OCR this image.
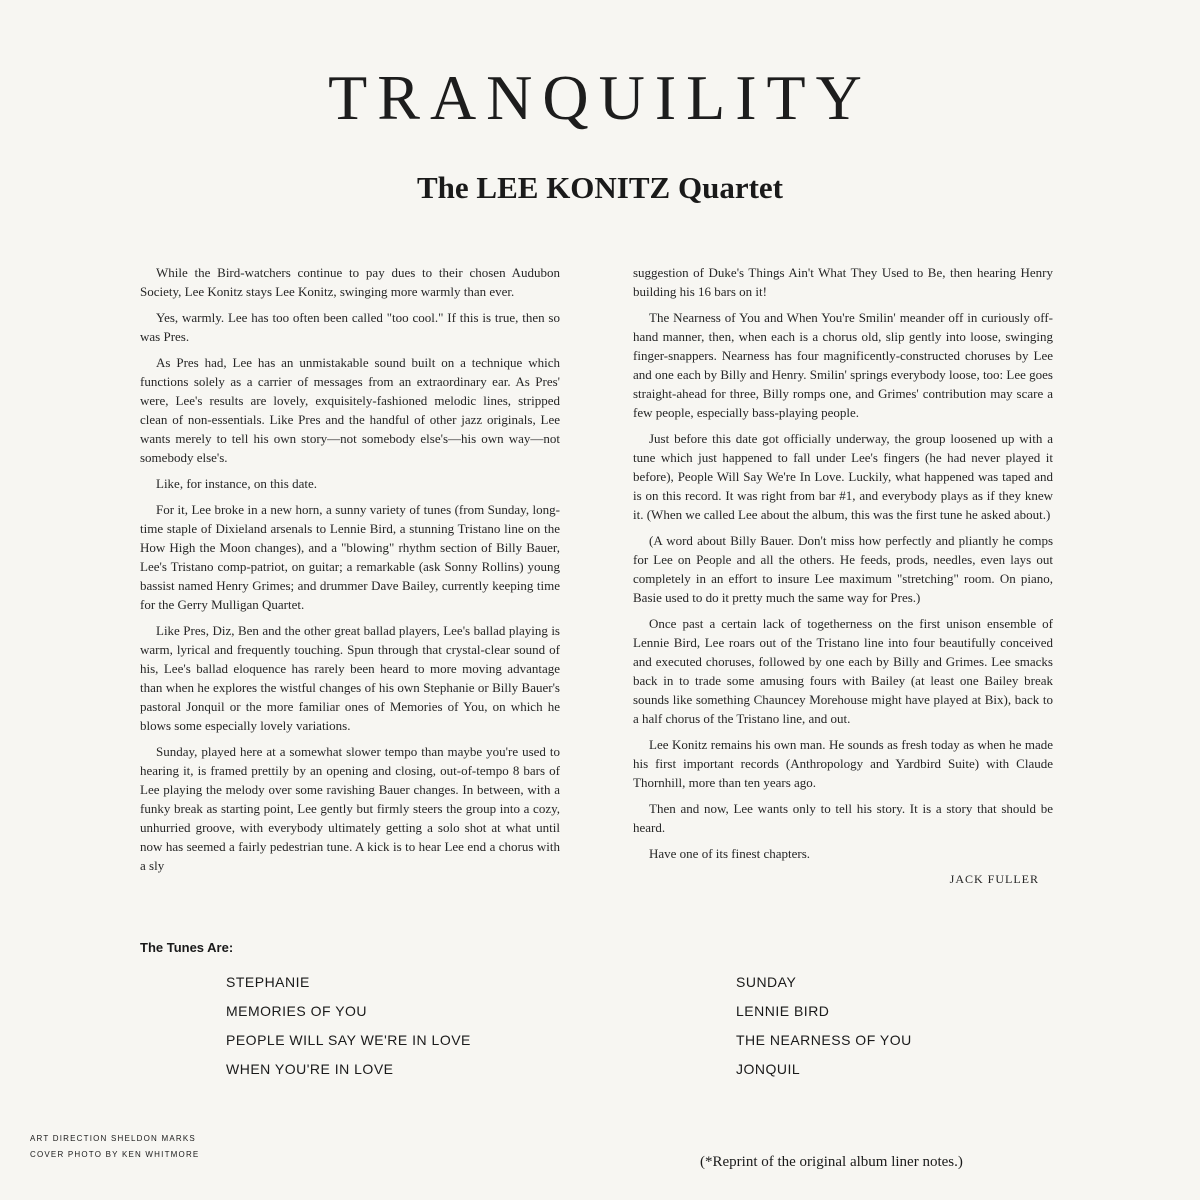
TRANQUILITY
The LEE KONITZ Quartet

While the Bird-watchers continue to pay dues to their chosen Audubon Society, Lee Konitz stays Lee Konitz, swinging more warmly than ever.

Yes, warmly. Lee has too often been called "too cool." If this is true, then so was Pres.

As Pres had, Lee has an unmistakable sound built on a technique which functions solely as a carrier of messages from an extraordinary ear. As Pres' were, Lee's results are lovely, exquisitely-fashioned melodic lines, stripped clean of non-essentials. Like Pres and the handful of other jazz originals, Lee wants merely to tell his own story—not somebody else's—his own way—not somebody else's.

Like, for instance, on this date.

For it, Lee broke in a new horn, a sunny variety of tunes (from Sunday, long-time staple of Dixieland arsenals to Lennie Bird, a stunning Tristano line on the How High the Moon changes), and a "blowing" rhythm section of Billy Bauer, Lee's Tristano comp-patriot, on guitar; a remarkable (ask Sonny Rollins) young bassist named Henry Grimes; and drummer Dave Bailey, currently keeping time for the Gerry Mulligan Quartet.

Like Pres, Diz, Ben and the other great ballad players, Lee's ballad playing is warm, lyrical and frequently touching. Spun through that crystal-clear sound of his, Lee's ballad eloquence has rarely been heard to more moving advantage than when he explores the wistful changes of his own Stephanie or Billy Bauer's pastoral Jonquil or the more familiar ones of Memories of You, on which he blows some especially lovely variations.

Sunday, played here at a somewhat slower tempo than maybe you're used to hearing it, is framed prettily by an opening and closing, out-of-tempo 8 bars of Lee playing the melody over some ravishing Bauer changes. In between, with a funky break as starting point, Lee gently but firmly steers the group into a cozy, unhurried groove, with everybody ultimately getting a solo shot at what until now has seemed a fairly pedestrian tune. A kick is to hear Lee end a chorus with a sly

suggestion of Duke's Things Ain't What They Used to Be, then hearing Henry building his 16 bars on it!

The Nearness of You and When You're Smilin' meander off in curiously off-hand manner, then, when each is a chorus old, slip gently into loose, swinging finger-snappers. Nearness has four magnificently-constructed choruses by Lee and one each by Billy and Henry. Smilin' springs everybody loose, too: Lee goes straight-ahead for three, Billy romps one, and Grimes' contribution may scare a few people, especially bass-playing people.

Just before this date got officially underway, the group loosened up with a tune which just happened to fall under Lee's fingers (he had never played it before), People Will Say We're In Love. Luckily, what happened was taped and is on this record. It was right from bar #1, and everybody plays as if they knew it. (When we called Lee about the album, this was the first tune he asked about.)

(A word about Billy Bauer. Don't miss how perfectly and pliantly he comps for Lee on People and all the others. He feeds, prods, needles, even lays out completely in an effort to insure Lee maximum "stretching" room. On piano, Basie used to do it pretty much the same way for Pres.)

Once past a certain lack of togetherness on the first unison ensemble of Lennie Bird, Lee roars out of the Tristano line into four beautifully conceived and executed choruses, followed by one each by Billy and Grimes. Lee smacks back in to trade some amusing fours with Bailey (at least one Bailey break sounds like something Chauncey Morehouse might have played at Bix), back to a half chorus of the Tristano line, and out.

Lee Konitz remains his own man. He sounds as fresh today as when he made his first important records (Anthropology and Yardbird Suite) with Claude Thornhill, more than ten years ago.

Then and now, Lee wants only to tell his story. It is a story that should be heard.

Have one of its finest chapters.

JACK FULLER

The Tunes Are:
STEPHANIE
MEMORIES OF YOU
PEOPLE WILL SAY WE'RE IN LOVE
WHEN YOU'RE IN LOVE
SUNDAY
LENNIE BIRD
THE NEARNESS OF YOU
JONQUIL
ART DIRECTION SHELDON MARKS
COVER PHOTO BY KEN WHITMORE	(*Reprint of the original album liner notes.)
